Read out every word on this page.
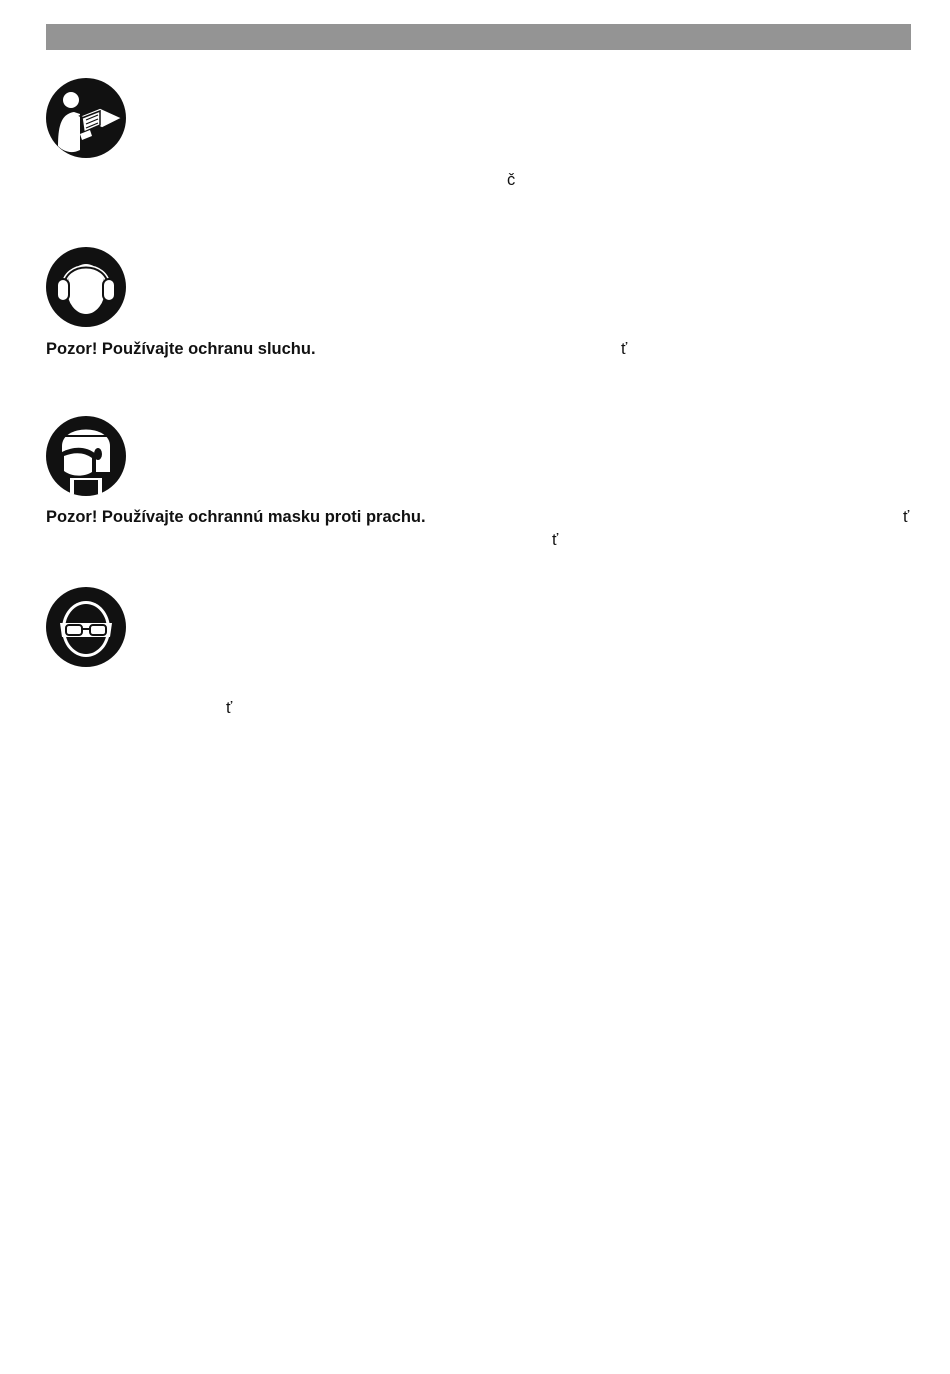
č
Pozor! Používajte ochranu sluchu.	ť
Pozor! Používajte ochrannú masku proti prachu.	ť
ť
ť
